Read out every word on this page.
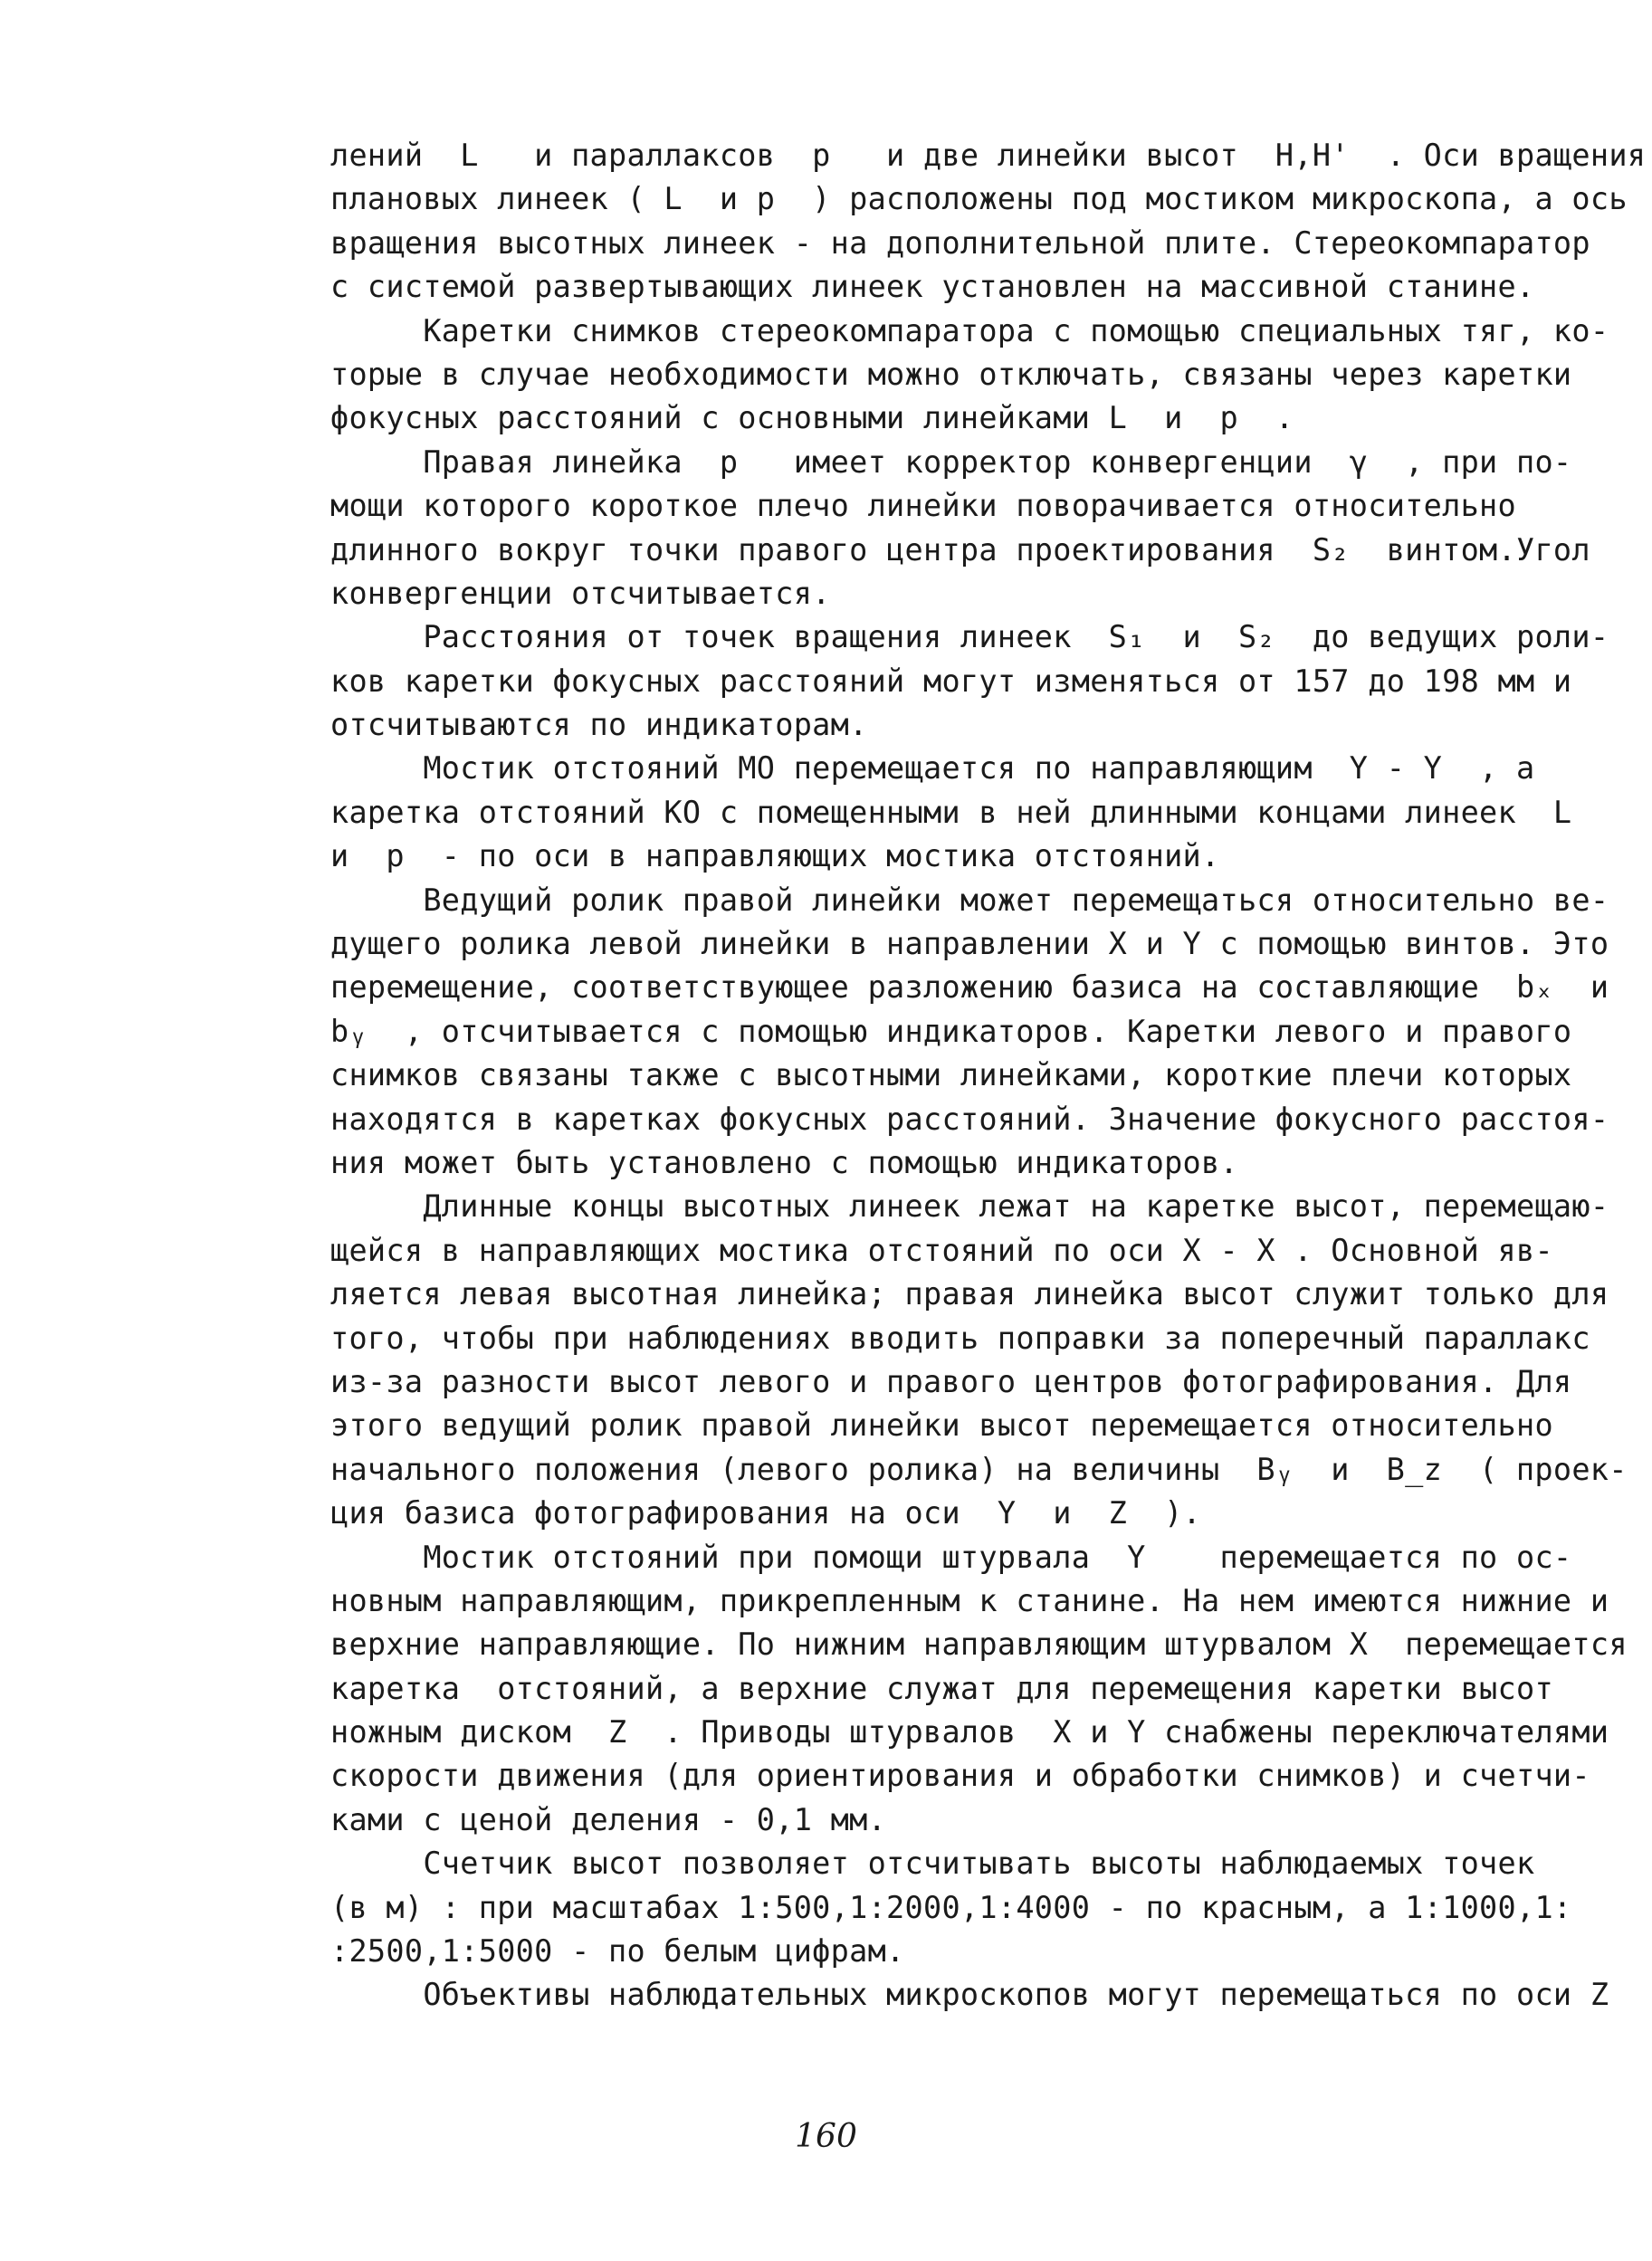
лений  L   и параллаксов  p   и две линейки высот  H,H'  . Оси вращения
плановых линеек ( L  и p  ) расположены под мостиком микроскопа, а ось
вращения высотных линеек - на дополнительной плите. Стереокомпаратор
с системой развертывающих линеек установлен на массивной станине.
Каретки снимков стереокомпаратора с помощью специальных тяг, ко-
торые в случае необходимости можно отключать, связаны через каретки
фокусных расстояний с основными линейками L  и  p  .
Правая линейка  p   имеет корректор конвергенции  γ  , при по-
мощи которого короткое плечо линейки поворачивается относительно
длинного вокруг точки правого центра проектирования  S₂  винтом.Угол
конвергенции отсчитывается.
Расстояния от точек вращения линеек  S₁  и  S₂  до ведущих роли-
ков каретки фокусных расстояний могут изменяться от 157 до 198 мм и
отсчитываются по индикаторам.
Мостик отстояний МО перемещается по направляющим  Y - Y  , а
каретка отстояний КО с помещенными в ней длинными концами линеек  L
и  p  - по оси в направляющих мостика отстояний.
Ведущий ролик правой линейки может перемещаться относительно ве-
дущего ролика левой линейки в направлении X и Y с помощью винтов. Это
перемещение, соответствующее разложению базиса на составляющие  bₓ  и
bᵧ  , отсчитывается с помощью индикаторов. Каретки левого и правого
снимков связаны также с высотными линейками, короткие плечи которых
находятся в каретках фокусных расстояний. Значение фокусного расстоя-
ния может быть установлено с помощью индикаторов.
Длинные концы высотных линеек лежат на каретке высот, перемещаю-
щейся в направляющих мостика отстояний по оси X - X . Основной яв-
ляется левая высотная линейка; правая линейка высот служит только для
того, чтобы при наблюдениях вводить поправки за поперечный параллакс
из-за разности высот левого и правого центров фотографирования. Для
этого ведущий ролик правой линейки высот перемещается относительно
начального положения (левого ролика) на величины  Bᵧ  и  B_z  ( проек-
ция базиса фотографирования на оси  Y  и  Z  ).
Мостик отстояний при помощи штурвала  Y    перемещается по ос-
новным направляющим, прикрепленным к станине. На нем имеются нижние и
верхние направляющие. По нижним направляющим штурвалом X  перемещается
каретка  отстояний, а верхние служат для перемещения каретки высот
ножным диском  Z  . Приводы штурвалов  X и Y снабжены переключателями
скорости движения (для ориентирования и обработки снимков) и счетчи-
ками с ценой деления - 0,1 мм.
Счетчик высот позволяет отсчитывать высоты наблюдаемых точек
(в м) : при масштабах 1:500,1:2000,1:4000 - по красным, а 1:1000,1:
:2500,1:5000 - по белым цифрам.
Объективы наблюдательных микроскопов могут перемещаться по оси Z
160
